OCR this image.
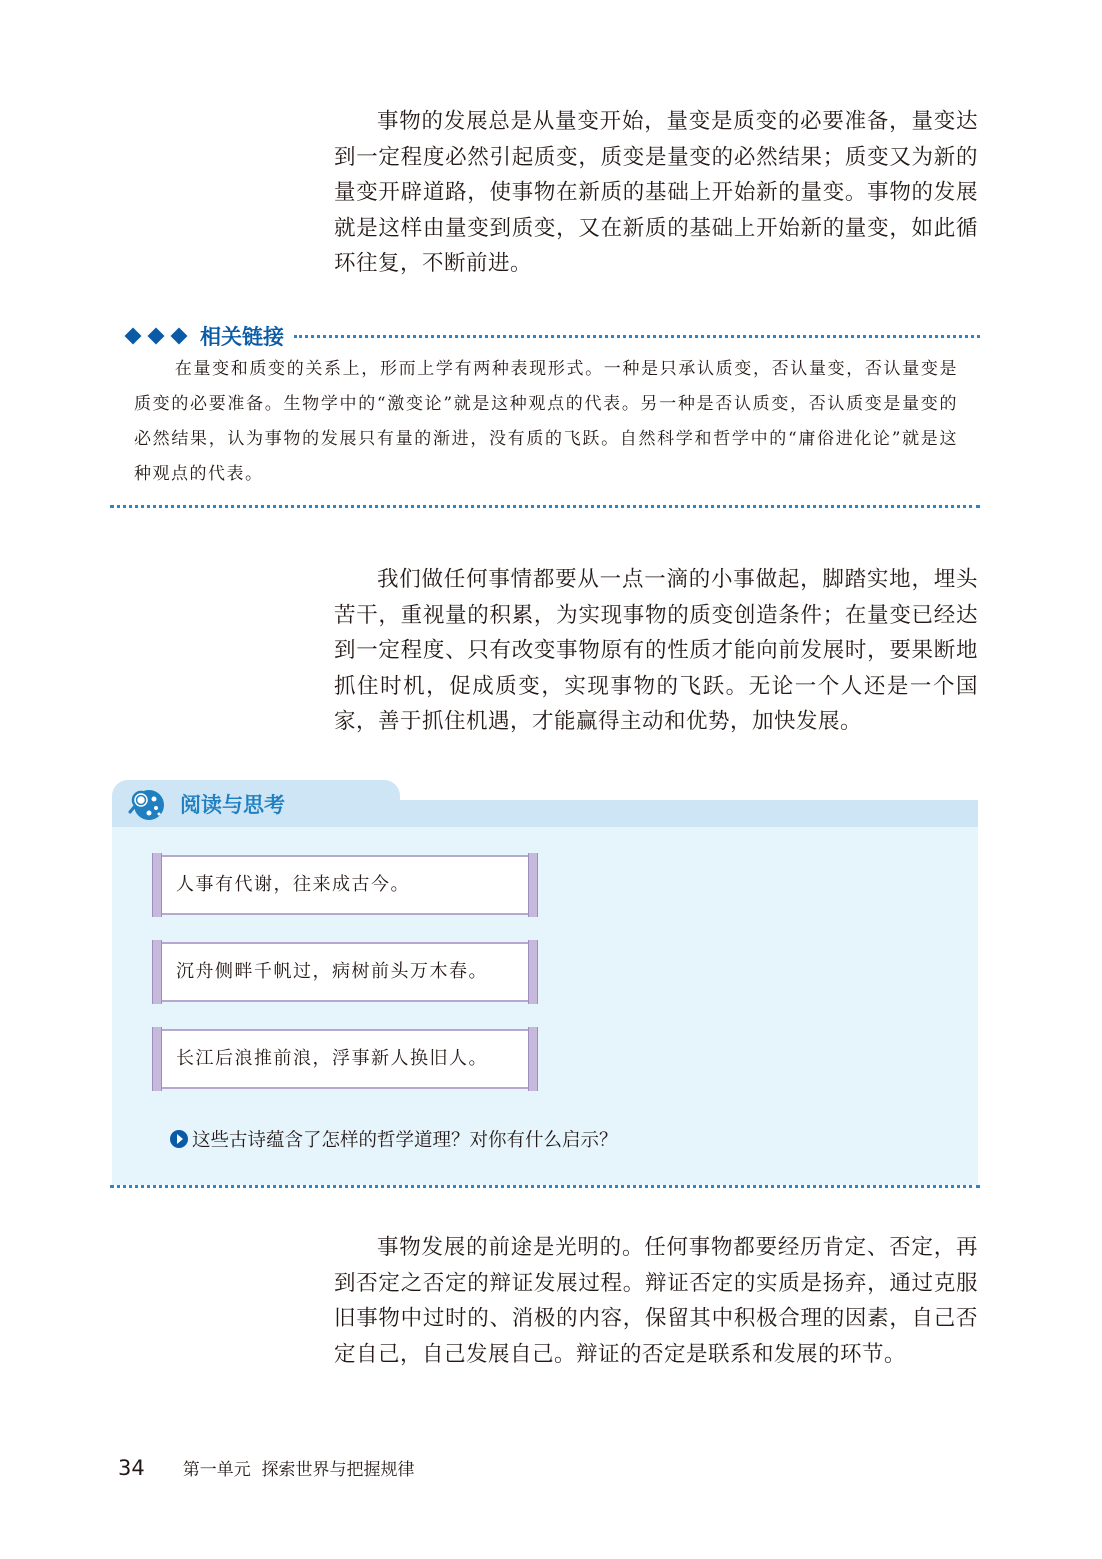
事物的发展总是从量变开始，量变是质变的必要准备，量变达到一定程度必然引起质变，质变是量变的必然结果；质变又为新的量变开辟道路，使事物在新质的基础上开始新的量变。事物的发展就是这样由量变到质变，又在新质的基础上开始新的量变，如此循环往复，不断前进。

相关链接

在量变和质变的关系上，形而上学有两种表现形式。一种是只承认质变，否认量变，否认量变是质变的必要准备。生物学中的“激变论”就是这种观点的代表。另一种是否认质变，否认质变是量变的必然结果，认为事物的发展只有量的渐进，没有质的飞跃。自然科学和哲学中的“庸俗进化论”就是这种观点的代表。

我们做任何事情都要从一点一滴的小事做起，脚踏实地，埋头苦干，重视量的积累，为实现事物的质变创造条件；在量变已经达到一定程度、只有改变事物原有的性质才能向前发展时，要果断地抓住时机，促成质变，实现事物的飞跃。无论一个人还是一个国家，善于抓住机遇，才能赢得主动和优势，加快发展。

阅读与思考
人事有代谢，往来成古今。
沉舟侧畔千帆过，病树前头万木春。
长江后浪推前浪，浮事新人换旧人。
这些古诗蕴含了怎样的哲学道理？对你有什么启示？

事物发展的前途是光明的。任何事物都要经历肯定、否定，再到否定之否定的辩证发展过程。辩证否定的实质是扬弃，通过克服旧事物中过时的、消极的内容，保留其中积极合理的因素，自己否定自己，自己发展自己。辩证的否定是联系和发展的环节。

34 第一单元  探索世界与把握规律
